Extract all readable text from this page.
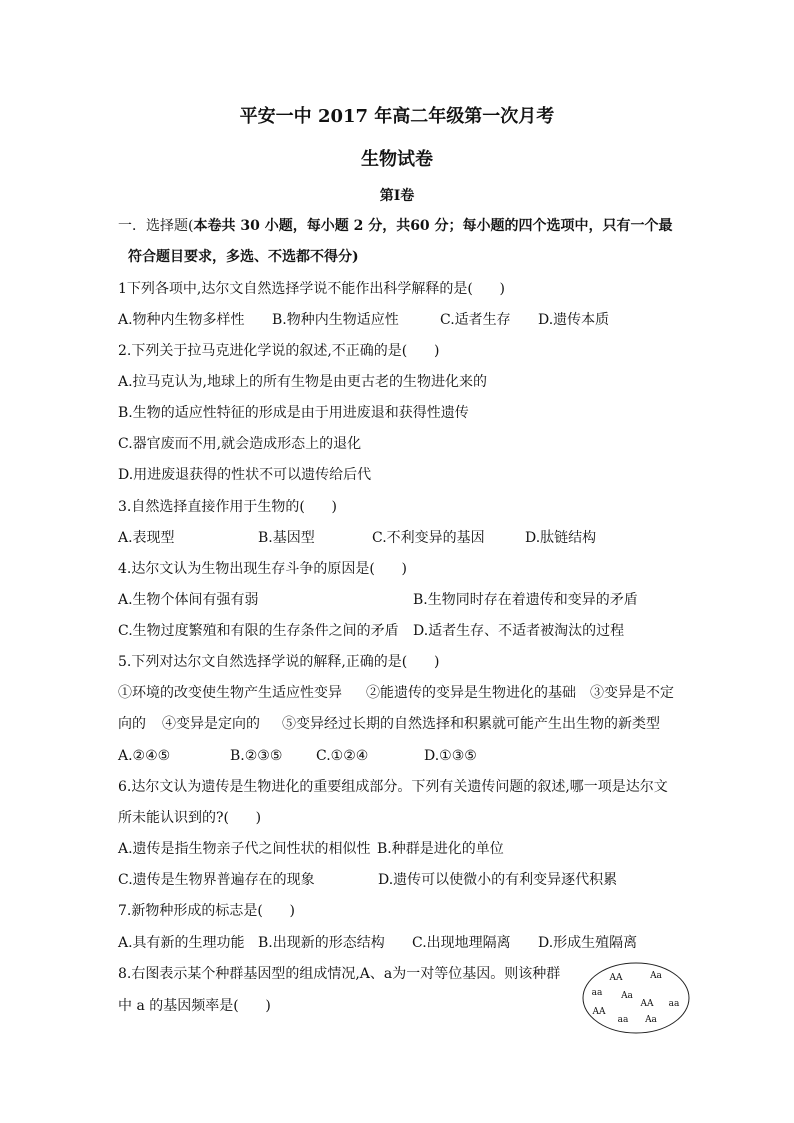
平安一中 2017 年高二年级第一次月考
生物试卷
第Ⅰ卷
一．选择题(本卷共 30 小题，每小题 2 分，共60 分；每小题的四个选项中，只有一个最
符合题目要求，多选、不选都不得分)
1下列各项中,达尔文自然选择学说不能作出科学解释的是(      )
A.物种内生物多样性 B.物种内生物适应性	C.适者生存 D.遗传本质
2.下列关于拉马克进化学说的叙述,不正确的是(      )
A.拉马克认为,地球上的所有生物是由更古老的生物进化来的
B.生物的适应性特征的形成是由于用进废退和获得性遗传
C.器官废而不用,就会造成形态上的退化
D.用进废退获得的性状不可以遗传给后代
3.自然选择直接作用于生物的(      )
A.表现型	B.基因型	C.不利变异的基因	D.肽链结构
4.达尔文认为生物出现生存斗争的原因是(      )
A.生物个体间有强有弱	B.生物同时存在着遗传和变异的矛盾
C.生物过度繁殖和有限的生存条件之间的矛盾 D.适者生存、不适者被淘汰的过程
5.下列对达尔文自然选择学说的解释,正确的是(      )
①环境的改变使生物产生适应性变异 ②能遗传的变异是生物进化的基础 ③变异是不定
向的 ④变异是定向的 ⑤变异经过长期的自然选择和积累就可能产生出生物的新类型
A.②④⑤	B.②③⑤ C.①②④	D.①③⑤
6.达尔文认为遗传是生物进化的重要组成部分。下列有关遗传问题的叙述,哪一项是达尔文
所未能认识到的?(      )
A.遗传是指生物亲子代之间性状的相似性 B.种群是进化的单位
C.遗传是生物界普遍存在的现象	D.遗传可以使微小的有利变异逐代积累
7.新物种形成的标志是(      )
A.具有新的生理功能 B.出现新的形态结构 C.出现地理隔离 D.形成生殖隔离
8.右图表示某个种群基因型的组成情况,A、a为一对等位基因。则该种群
中 a 的基因频率是(      )
AA	Aa
aa Aa
AA aa
AA
aa Aa
